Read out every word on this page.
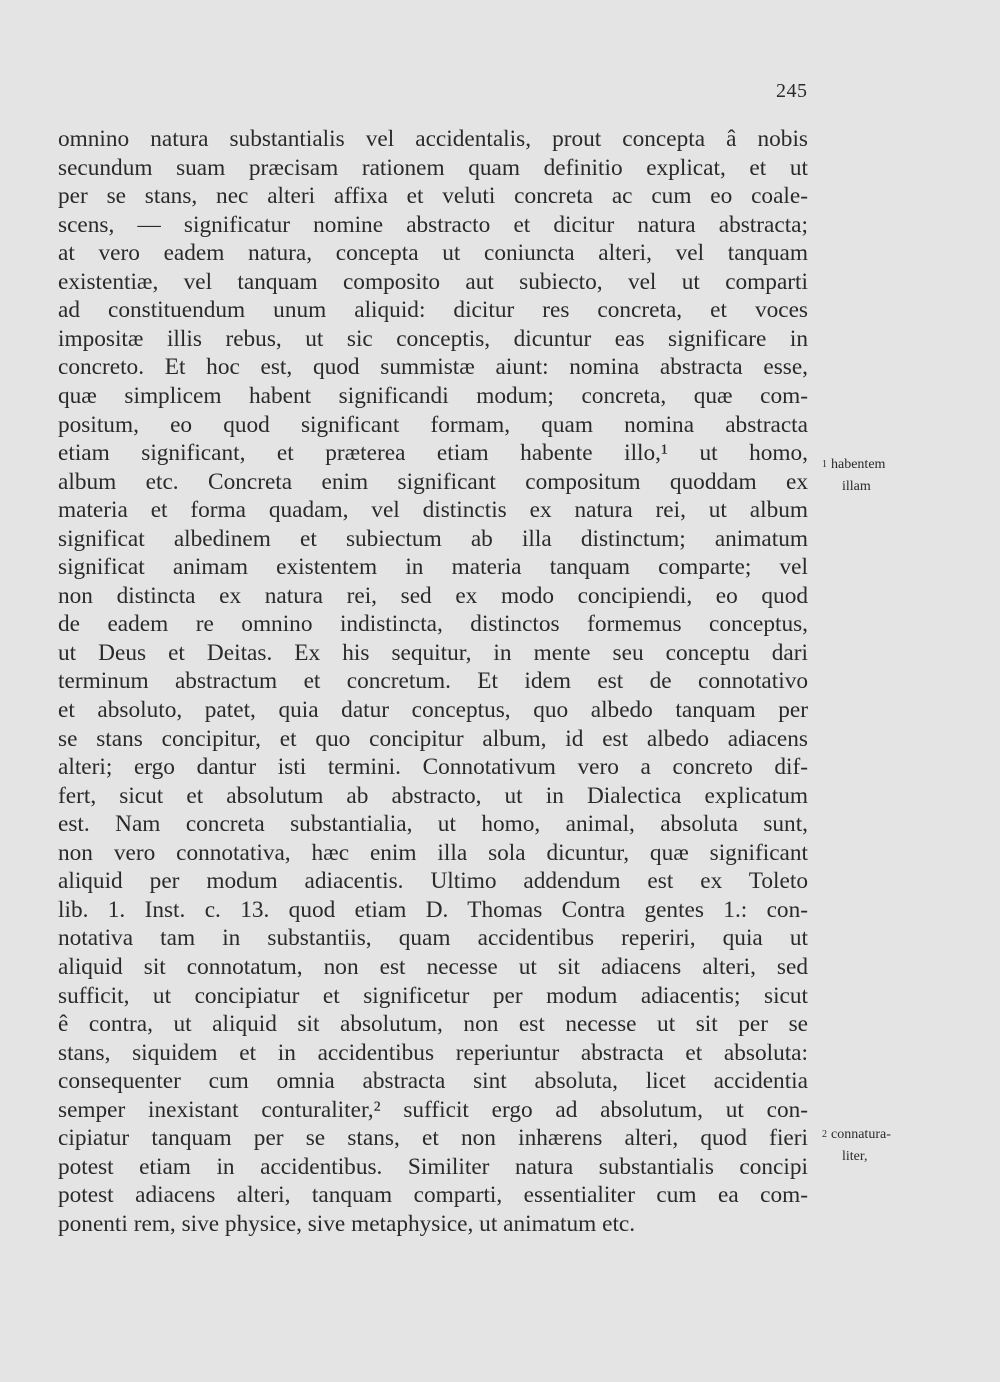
245
omnino natura substantialis vel accidentalis, prout concepta â nobis
secundum suam præcisam rationem quam definitio explicat, et ut
per se stans, nec alteri affixa et veluti concreta ac cum eo coale-
scens, — significatur nomine abstracto et dicitur natura abstracta;
at vero eadem natura, concepta ut coniuncta alteri, vel tanquam
existentiæ, vel tanquam composito aut subiecto, vel ut comparti
ad constituendum unum aliquid: dicitur res concreta, et voces
impositæ illis rebus, ut sic conceptis, dicuntur eas significare in
concreto. Et hoc est, quod summistæ aiunt: nomina abstracta esse,
quæ simplicem habent significandi modum; concreta, quæ com-
positum, eo quod significant formam, quam nomina abstracta
etiam significant, et præterea etiam habente illo,¹ ut homo,
album etc. Concreta enim significant compositum quoddam ex
materia et forma quadam, vel distinctis ex natura rei, ut album
significat albedinem et subiectum ab illa distinctum; animatum
significat animam existentem in materia tanquam comparte; vel
non distincta ex natura rei, sed ex modo concipiendi, eo quod
de eadem re omnino indistincta, distinctos formemus conceptus,
ut Deus et Deitas. Ex his sequitur, in mente seu conceptu dari
terminum abstractum et concretum. Et idem est de connotativo
et absoluto, patet, quia datur conceptus, quo albedo tanquam per
se stans concipitur, et quo concipitur album, id est albedo adiacens
alteri; ergo dantur isti termini. Connotativum vero a concreto dif-
fert, sicut et absolutum ab abstracto, ut in Dialectica explicatum
est. Nam concreta substantialia, ut homo, animal, absoluta sunt,
non vero connotativa, hæc enim illa sola dicuntur, quæ significant
aliquid per modum adiacentis. Ultimo addendum est ex Toleto
lib. 1. Inst. c. 13. quod etiam D. Thomas Contra gentes 1.: con-
notativa tam in substantiis, quam accidentibus reperiri, quia ut
aliquid sit connotatum, non est necesse ut sit adiacens alteri, sed
sufficit, ut concipiatur et significetur per modum adiacentis; sicut
ê contra, ut aliquid sit absolutum, non est necesse ut sit per se
stans, siquidem et in accidentibus reperiuntur abstracta et absoluta:
consequenter cum omnia abstracta sint absoluta, licet accidentia
semper inexistant conturaliter,² sufficit ergo ad absolutum, ut con-
cipiatur tanquam per se stans, et non inhærens alteri, quod fieri
potest etiam in accidentibus. Similiter natura substantialis concipi
potest adiacens alteri, tanquam comparti, essentialiter cum ea com-
ponenti rem, sive physice, sive metaphysice, ut animatum etc.
$^1$ habentem
illam
$^2$ connatura-
liter,
